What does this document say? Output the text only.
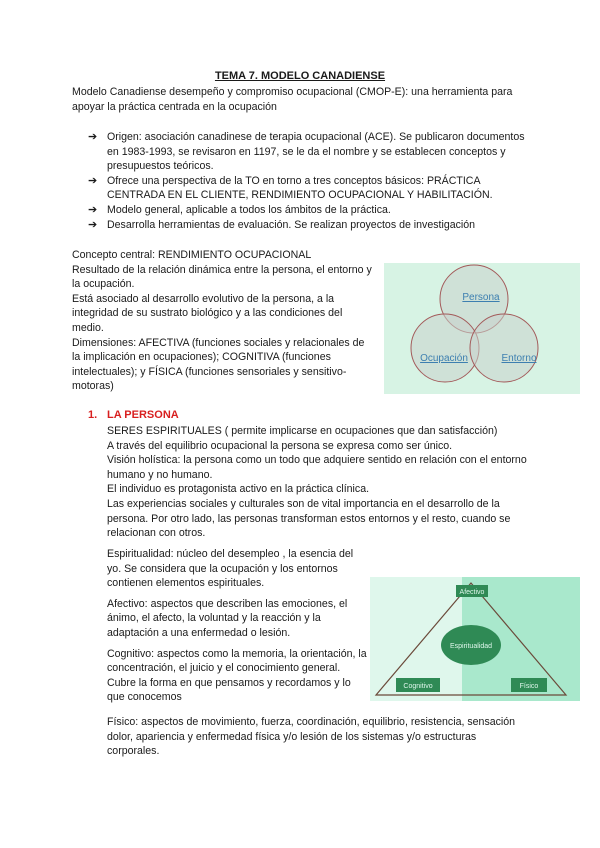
TEMA 7. MODELO CANADIENSE
Modelo Canadiense desempeño y compromiso ocupacional (CMOP-E): una herramienta para apoyar la práctica centrada en la ocupación
➔ Origen: asociación canadinese de terapia ocupacional (ACE). Se publicaron documentos en 1983-1993, se revisaron en 1197, se le da el nombre y se establecen conceptos y presupuestos teóricos.
➔ Ofrece una perspectiva de la TO en torno a tres conceptos básicos: PRÁCTICA CENTRADA EN EL CLIENTE, RENDIMIENTO OCUPACIONAL Y HABILITACIÓN.
➔ Modelo general, aplicable a todos los ámbitos de la práctica.
➔ Desarrolla herramientas de evaluación. Se realizan proyectos de investigación

Concepto central: RENDIMIENTO OCUPACIONAL

Resultado de la relación dinámica entre la persona, el entorno y la ocupación.

Está asociado al desarrollo evolutivo de la persona, a la integridad de su sustrato biológico y a las condiciones del medio.

Dimensiones: AFECTIVA (funciones sociales y relacionales de la implicación en ocupaciones); COGNITIVA (funciones intelectuales); y FÍSICA (funciones sensoriales y sensitivo-motoras)

Persona
Ocupación	Entorno
1. LA PERSONA

SERES ESPIRITUALES ( permite implicarse en ocupaciones que dan satisfacción)

A través del equilibrio ocupacional la persona se expresa como ser único.

Visión holística: la persona como un todo que adquiere sentido en relación con el entorno humano y no humano.

El individuo es protagonista activo en la práctica clínica.

Las experiencias sociales y culturales son de vital importancia en el desarrollo de la persona. Por otro lado, las personas transforman estos entornos y el resto, cuando se relacionan con otros.

Espiritualidad: núcleo del desempleo , la esencia del yo. Se considera que la ocupación y los entornos contienen elementos espirituales.

Afectivo: aspectos que describen las emociones, el ánimo, el afecto, la voluntad y la reacción y la adaptación a una enfermedad o lesión.

Cognitivo: aspectos como la memoria, la orientación, la concentración, el juicio y el conocimiento general. Cubre la forma en que pensamos y recordamos y lo que conocemos

Afectivo
Espiritualidad
Cognitivo	Físico

Físico: aspectos de movimiento, fuerza, coordinación, equilibrio, resistencia, sensación dolor, apariencia y enfermedad física y/o lesión de los sistemas y/o estructuras corporales.
